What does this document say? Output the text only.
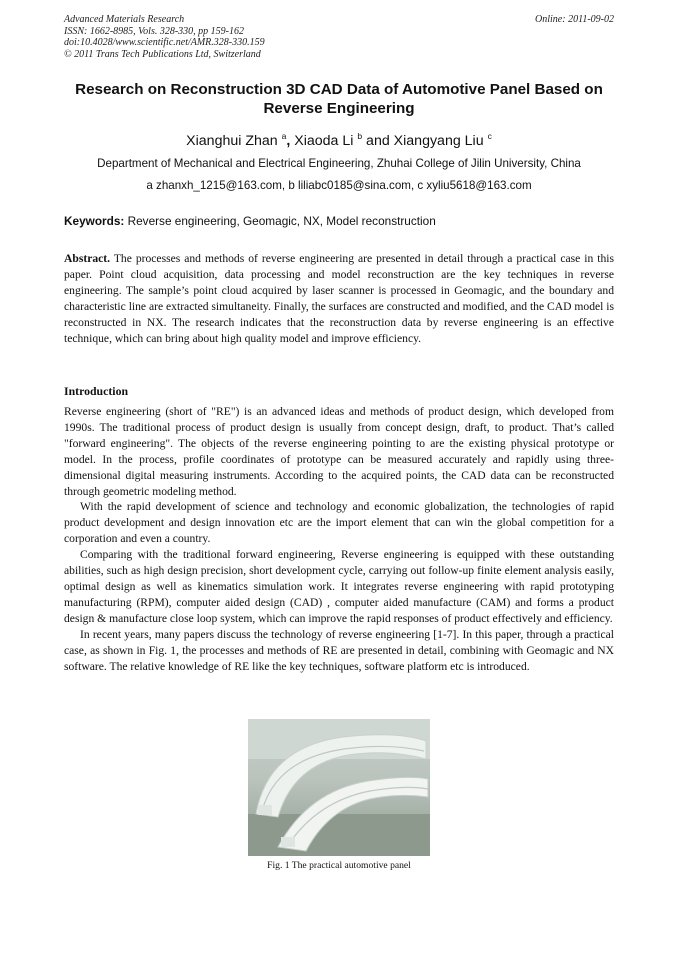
Advanced Materials Research
ISSN: 1662-8985, Vols. 328-330, pp 159-162
doi:10.4028/www.scientific.net/AMR.328-330.159
© 2011 Trans Tech Publications Ltd, Switzerland
Online: 2011-09-02
Research on Reconstruction 3D CAD Data of Automotive Panel Based on Reverse Engineering
Xianghui Zhan $^a$, Xiaoda Li $^b$ and Xiangyang Liu $^c$
Department of Mechanical and Electrical Engineering, Zhuhai College of Jilin University, China
a zhanxh_1215@163.com, b liliabc0185@sina.com, c xyliu5618@163.com
Keywords: Reverse engineering, Geomagic, NX, Model reconstruction
Abstract. The processes and methods of reverse engineering are presented in detail through a practical case in this paper. Point cloud acquisition, data processing and model reconstruction are the key techniques in reverse engineering. The sample’s point cloud acquired by laser scanner is processed in Geomagic, and the boundary and characteristic line are extracted simultaneity. Finally, the surfaces are constructed and modified, and the CAD model is reconstructed in NX. The research indicates that the reconstruction data by reverse engineering is an effective technique, which can bring about high quality model and improve efficiency.
Introduction

Reverse engineering (short of "RE") is an advanced ideas and methods of product design, which developed from 1990s. The traditional process of product design is usually from concept design, draft, to product. That’s called "forward engineering". The objects of the reverse engineering pointing to are the existing physical prototype or model. In the process, profile coordinates of prototype can be measured accurately and rapidly using three-dimensional digital measuring instruments. According to the acquired points, the CAD data can be reconstructed through geometric modeling method.

With the rapid development of science and technology and economic globalization, the technologies of rapid product development and design innovation etc are the import element that can win the global competition for a corporation and even a country.

Comparing with the traditional forward engineering, Reverse engineering is equipped with these outstanding abilities, such as high design precision, short development cycle, carrying out follow-up finite element analysis easily, optimal design as well as kinematics simulation work. It integrates reverse engineering with rapid prototyping manufacturing (RPM), computer aided design (CAD) , computer aided manufacture (CAM) and forms a product design & manufacture close loop system, which can improve the rapid responses of product effectively and efficiency.

In recent years, many papers discuss the technology of reverse engineering [1-7]. In this paper, through a practical case, as shown in Fig. 1, the processes and methods of RE are presented in detail, combining with Geomagic and NX software. The relative knowledge of RE like the key techniques, software platform etc is introduced.

Fig. 1 The practical automotive panel
